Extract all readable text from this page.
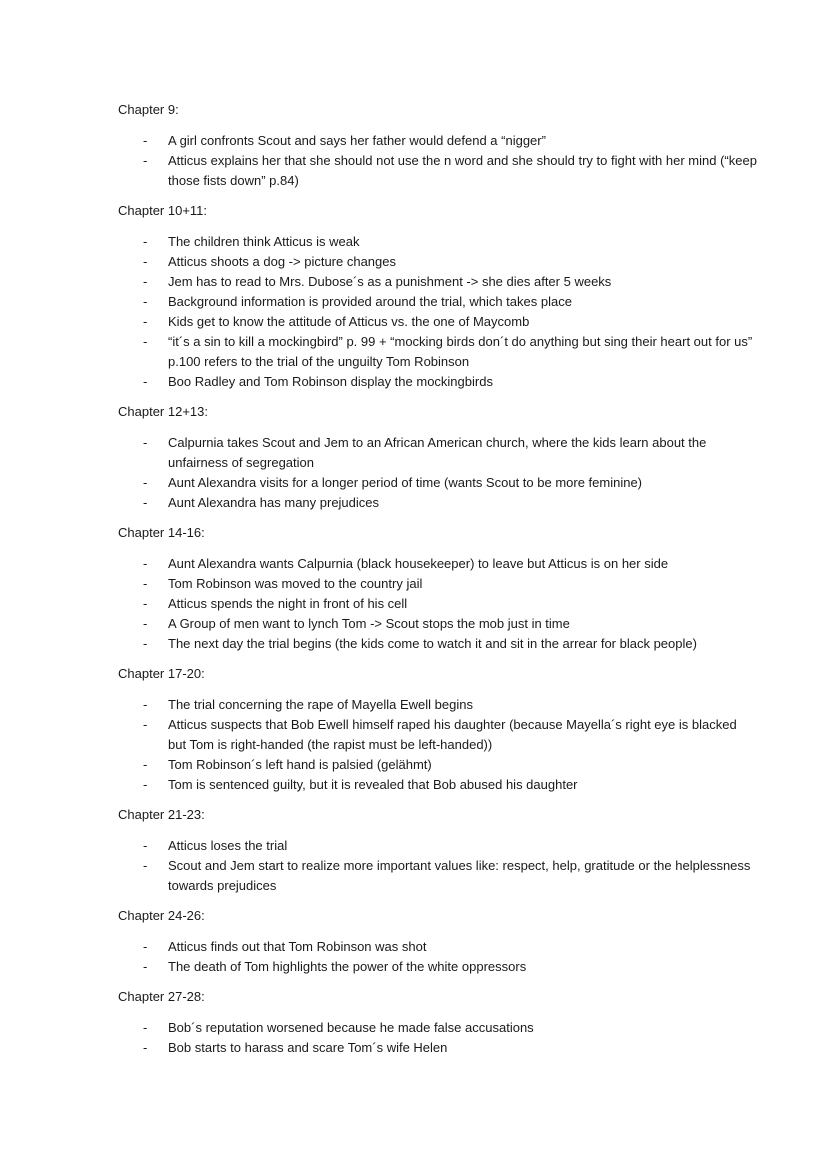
Chapter 9:
- A girl confronts Scout and says her father would defend a “nigger”
- Atticus explains her that she should not use the n word and she should try to fight with her mind (“keep those fists down” p.84)
Chapter 10+11:
- The children think Atticus is weak
- Atticus shoots a dog -> picture changes
- Jem has to read to Mrs. Dubose´s as a punishment -> she dies after 5 weeks
- Background information is provided around the trial, which takes place
- Kids get to know the attitude of Atticus vs. the one of Maycomb
- “it´s a sin to kill a mockingbird” p. 99 + “mocking birds don´t do anything but sing their heart out for us” p.100 refers to the trial of the unguilty Tom Robinson
- Boo Radley and Tom Robinson display the mockingbirds
Chapter 12+13:
- Calpurnia takes Scout and Jem to an African American church, where the kids learn about the unfairness of segregation
- Aunt Alexandra visits for a longer period of time (wants Scout to be more feminine)
- Aunt Alexandra has many prejudices
Chapter 14-16:
- Aunt Alexandra wants Calpurnia (black housekeeper) to leave but Atticus is on her side
- Tom Robinson was moved to the country jail
- Atticus spends the night in front of his cell
- A Group of men want to lynch Tom -> Scout stops the mob just in time
- The next day the trial begins (the kids come to watch it and sit in the arrear for black people)
Chapter 17-20:
- The trial concerning the rape of Mayella Ewell begins
- Atticus suspects that Bob Ewell himself raped his daughter (because Mayella´s right eye is blacked but Tom is right-handed (the rapist must be left-handed))
- Tom Robinson´s left hand is palsied (gelähmt)
- Tom is sentenced guilty, but it is revealed that Bob abused his daughter
Chapter 21-23:
- Atticus loses the trial
- Scout and Jem start to realize more important values like: respect, help, gratitude or the helplessness towards prejudices
Chapter 24-26:
- Atticus finds out that Tom Robinson was shot
- The death of Tom highlights the power of the white oppressors
Chapter 27-28:
- Bob´s reputation worsened because he made false accusations
- Bob starts to harass and scare Tom´s wife Helen
